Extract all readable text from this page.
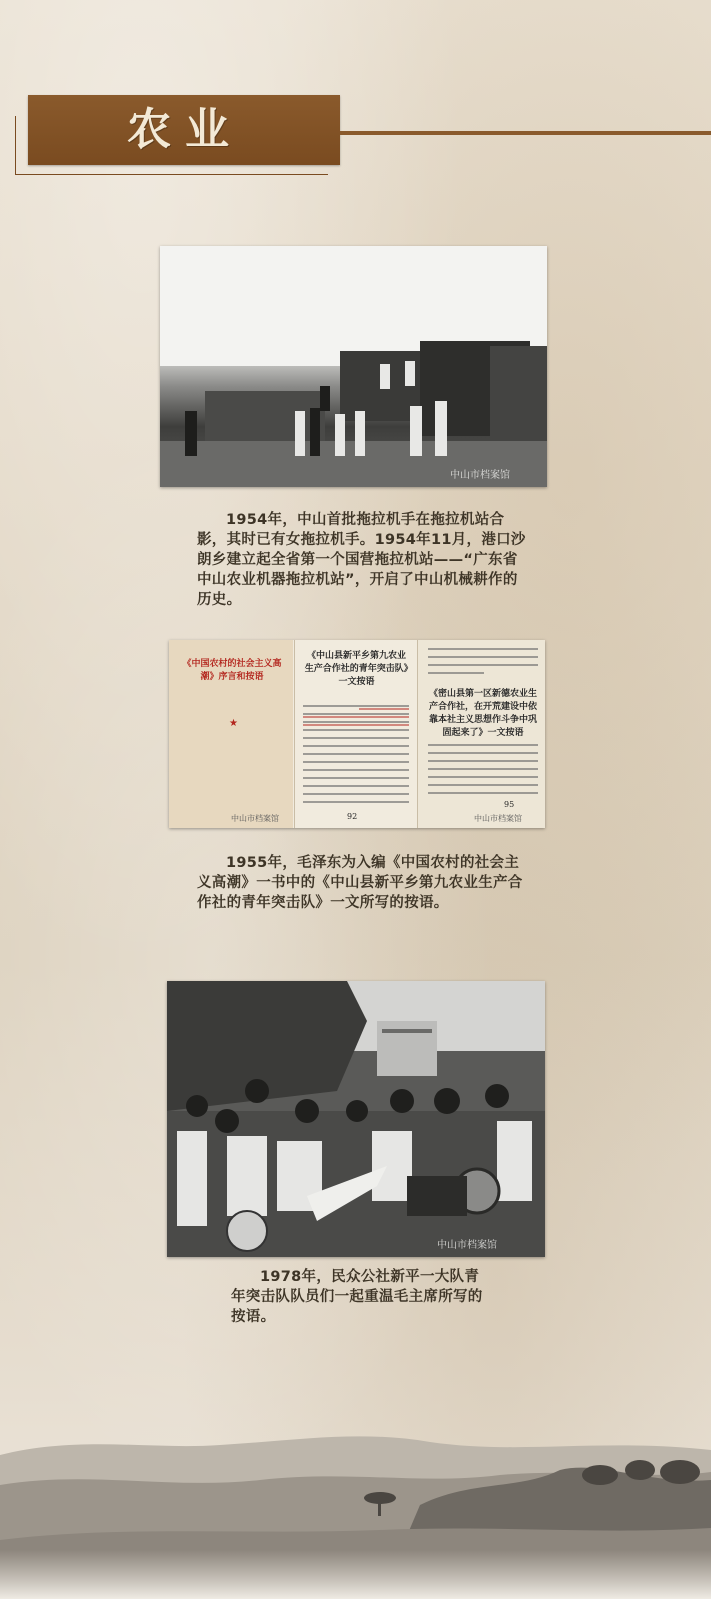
农业
中山市档案馆
1954年，中山首批拖拉机手在拖拉机站合影，其时已有女拖拉机手。1954年11月，港口沙朗乡建立起全省第一个国营拖拉机站——“广东省中山农业机器拖拉机站”，开启了中山机械耕作的历史。
《中国农村的社会主义高潮》序言和按语
★
《中山县新平乡第九农业生产合作社的青年突击队》一文按语
《密山县第一区新德农业生产合作社，在开荒建设中依靠本社主义思想作斗争中巩固起来了》一文按语
92
95
中山市档案馆	中山市档案馆
1955年，毛泽东为入编《中国农村的社会主义高潮》一书中的《中山县新平乡第九农业生产合作社的青年突击队》一文所写的按语。
中山市档案馆
1978年，民众公社新平一大队青年突击队队员们一起重温毛主席所写的按语。
